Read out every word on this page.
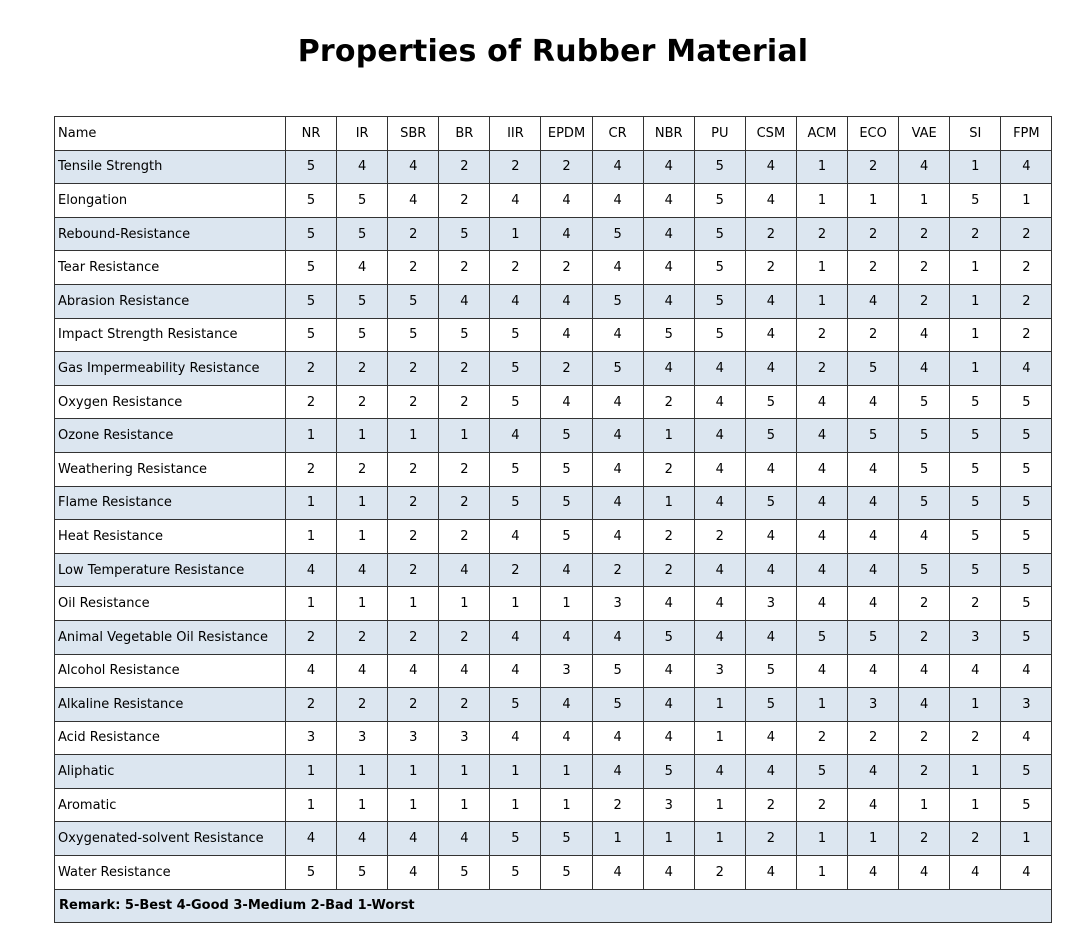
Properties of Rubber Material
Name	NR	IR	SBR	BR	IIR	EPDM	CR	NBR	PU	CSM	ACM	ECO	VAE	SI	FPM
Tensile Strength	5	4	4	2	2	2	4	4	5	4	1	2	4	1	4
Elongation	5	5	4	2	4	4	4	4	5	4	1	1	1	5	1
Rebound-Resistance	5	5	2	5	1	4	5	4	5	2	2	2	2	2	2
Tear Resistance	5	4	2	2	2	2	4	4	5	2	1	2	2	1	2
Abrasion Resistance	5	5	5	4	4	4	5	4	5	4	1	4	2	1	2
Impact Strength Resistance	5	5	5	5	5	4	4	5	5	4	2	2	4	1	2
Gas Impermeability Resistance	2	2	2	2	5	2	5	4	4	4	2	5	4	1	4
Oxygen Resistance	2	2	2	2	5	4	4	2	4	5	4	4	5	5	5
Ozone Resistance	1	1	1	1	4	5	4	1	4	5	4	5	5	5	5
Weathering Resistance	2	2	2	2	5	5	4	2	4	4	4	4	5	5	5
Flame Resistance	1	1	2	2	5	5	4	1	4	5	4	4	5	5	5
Heat Resistance	1	1	2	2	4	5	4	2	2	4	4	4	4	5	5
Low Temperature Resistance	4	4	2	4	2	4	2	2	4	4	4	4	5	5	5
Oil Resistance	1	1	1	1	1	1	3	4	4	3	4	4	2	2	5
Animal Vegetable Oil Resistance	2	2	2	2	4	4	4	5	4	4	5	5	2	3	5
Alcohol Resistance	4	4	4	4	4	3	5	4	3	5	4	4	4	4	4
Alkaline Resistance	2	2	2	2	5	4	5	4	1	5	1	3	4	1	3
Acid Resistance	3	3	3	3	4	4	4	4	1	4	2	2	2	2	4
Aliphatic	1	1	1	1	1	1	4	5	4	4	5	4	2	1	5
Aromatic	1	1	1	1	1	1	2	3	1	2	2	4	1	1	5
Oxygenated-solvent Resistance	4	4	4	4	5	5	1	1	1	2	1	1	2	2	1
Water Resistance	5	5	4	5	5	5	4	4	2	4	1	4	4	4	4
Remark: 5-Best 4-Good 3-Medium 2-Bad 1-Worst															
